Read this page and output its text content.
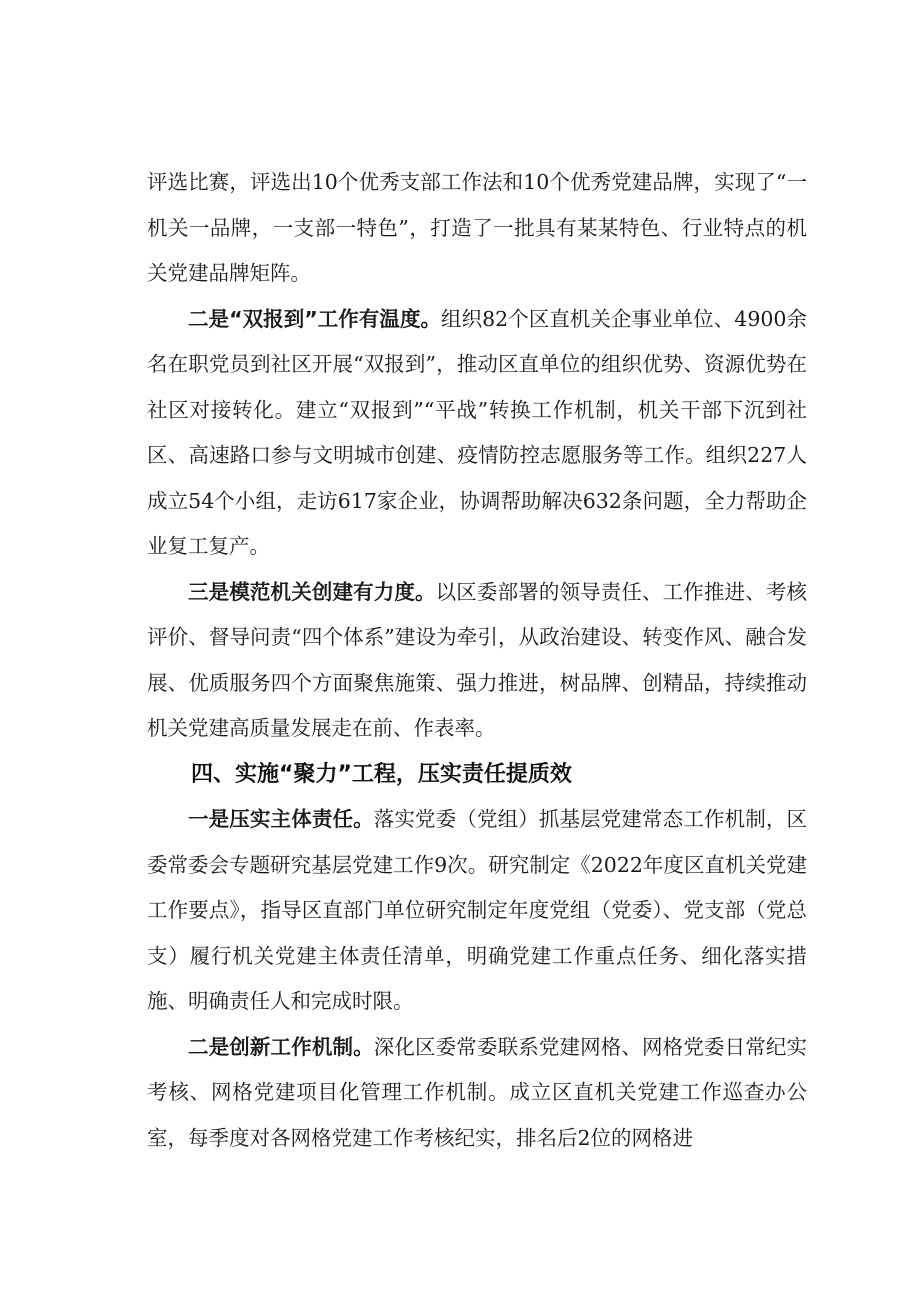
评选比赛，评选出10个优秀支部工作法和10个优秀党建品牌，实现了“一机关一品牌，一支部一特色”，打造了一批具有某某特色、行业特点的机关党建品牌矩阵。

二是“双报到”工作有温度。组织82个区直机关企事业单位、4900余名在职党员到社区开展“双报到”，推动区直单位的组织优势、资源优势在社区对接转化。建立“双报到”“平战”转换工作机制，机关干部下沉到社区、高速路口参与文明城市创建、疫情防控志愿服务等工作。组织227人成立54个小组，走访617家企业，协调帮助解决632条问题，全力帮助企业复工复产。

三是模范机关创建有力度。以区委部署的领导责任、工作推进、考核评价、督导问责“四个体系”建设为牵引，从政治建设、转变作风、融合发展、优质服务四个方面聚焦施策、强力推进，树品牌、创精品，持续推动机关党建高质量发展走在前、作表率。

四、实施“聚力”工程，压实责任提质效

一是压实主体责任。落实党委（党组）抓基层党建常态工作机制，区委常委会专题研究基层党建工作9次。研究制定《2022年度区直机关党建工作要点》，指导区直部门单位研究制定年度党组（党委）、党支部（党总支）履行机关党建主体责任清单，明确党建工作重点任务、细化落实措施、明确责任人和完成时限。

二是创新工作机制。深化区委常委联系党建网格、网格党委日常纪实考核、网格党建项目化管理工作机制。成立区直机关党建工作巡查办公室，每季度对各网格党建工作考核纪实，排名后2位的网格进
